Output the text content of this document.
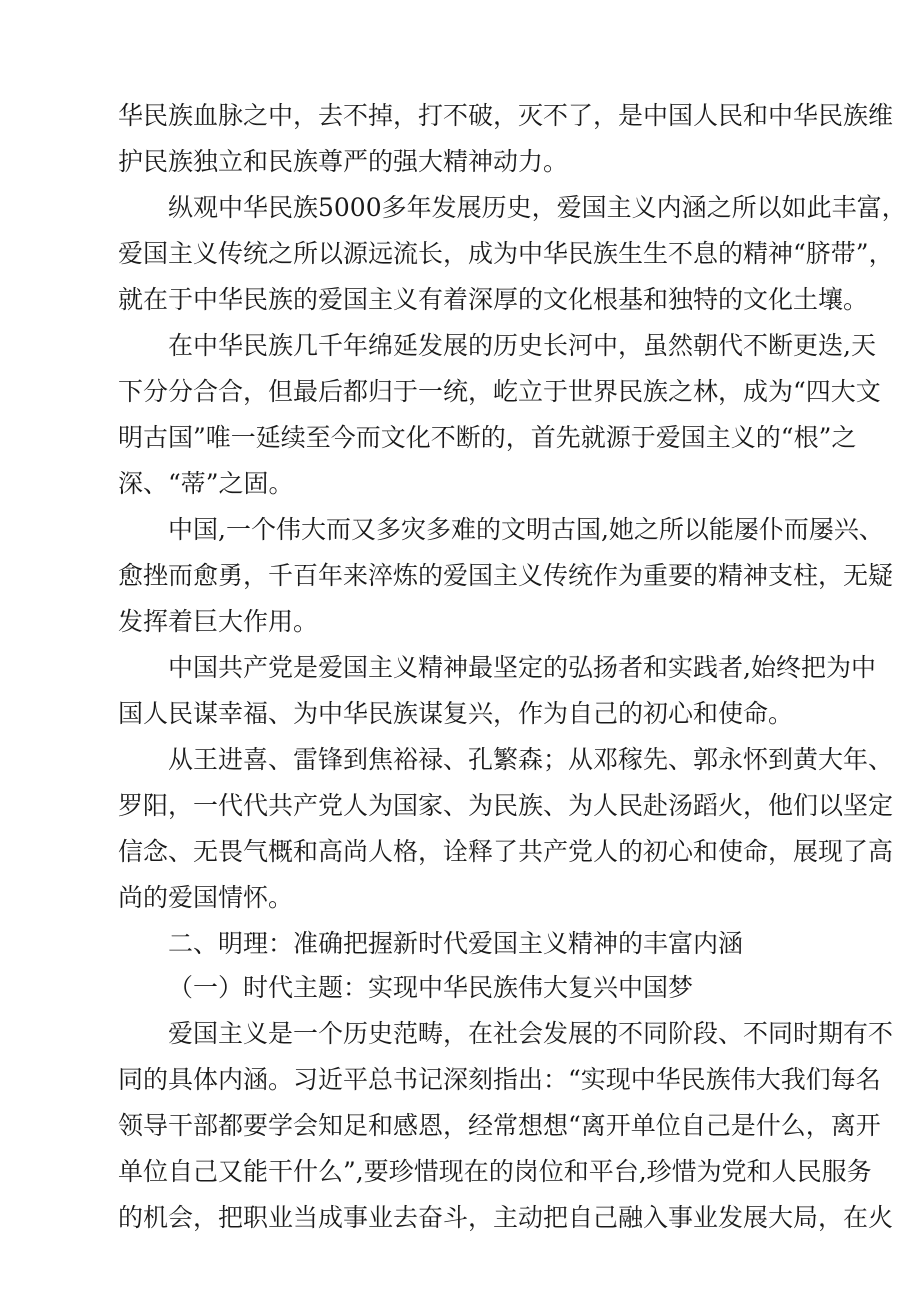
华民族血脉之中，去不掉，打不破，灭不了，是中国人民和中华民族维
护民族独立和民族尊严的强大精神动力。
纵观中华民族5000多年发展历史，爱国主义内涵之所以如此丰富，
爱国主义传统之所以源远流长，成为中华民族生生不息的精神“脐带”，
就在于中华民族的爱国主义有着深厚的文化根基和独特的文化土壤。
在中华民族几千年绵延发展的历史长河中，虽然朝代不断更迭,天
下分分合合，但最后都归于一统，屹立于世界民族之林，成为“四大文
明古国”唯一延续至今而文化不断的，首先就源于爱国主义的“根”之
深、“蒂”之固。
中国,一个伟大而又多灾多难的文明古国,她之所以能屡仆而屡兴、
愈挫而愈勇，千百年来淬炼的爱国主义传统作为重要的精神支柱，无疑
发挥着巨大作用。
中国共产党是爱国主义精神最坚定的弘扬者和实践者,始终把为中
国人民谋幸福、为中华民族谋复兴，作为自己的初心和使命。
从王进喜、雷锋到焦裕禄、孔繁森；从邓稼先、郭永怀到黄大年、
罗阳，一代代共产党人为国家、为民族、为人民赴汤蹈火，他们以坚定
信念、无畏气概和高尚人格，诠释了共产党人的初心和使命，展现了高
尚的爱国情怀。
二、明理：准确把握新时代爱国主义精神的丰富内涵
（一）时代主题：实现中华民族伟大复兴中国梦
爱国主义是一个历史范畴，在社会发展的不同阶段、不同时期有不
同的具体内涵。习近平总书记深刻指出：“实现中华民族伟大我们每名
领导干部都要学会知足和感恩，经常想想“离开单位自己是什么，离开
单位自己又能干什么”,要珍惜现在的岗位和平台,珍惜为党和人民服务
的机会，把职业当成事业去奋斗，主动把自己融入事业发展大局，在火
